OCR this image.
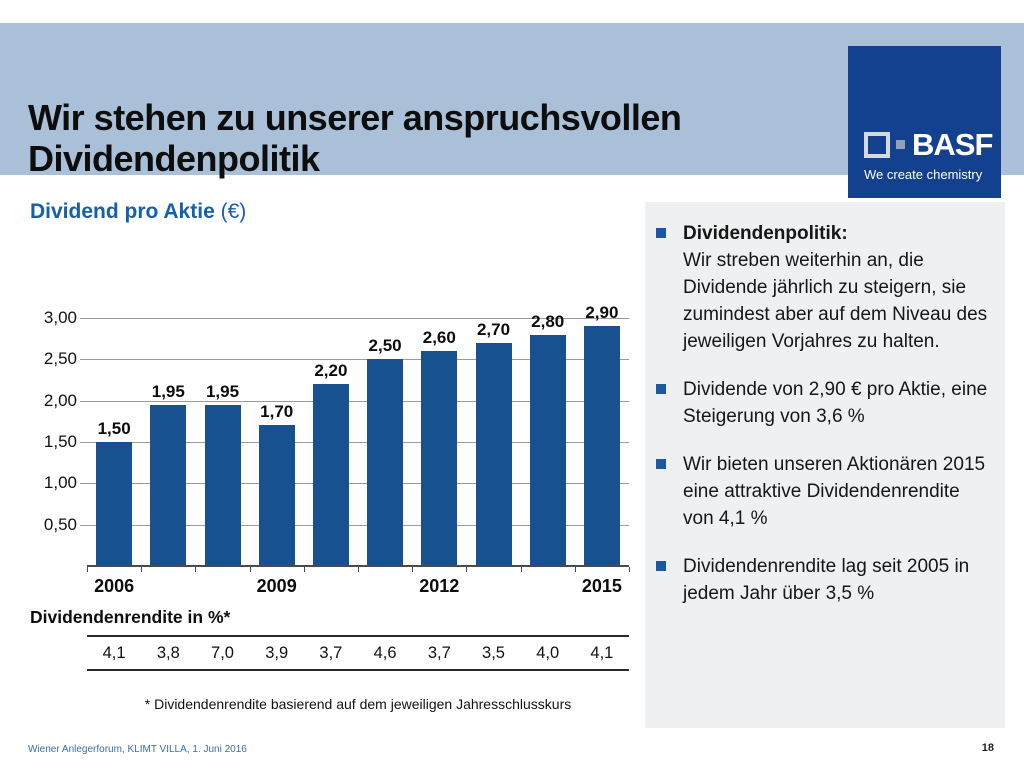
Wir stehen zu unserer anspruchsvollen
Dividendenpolitik	BASF
We create chemistry
Dividend pro Aktie (€)
0,50
1,00
1,50
2,00
2,50
3,00
1,50
1,95	1,95
1,70
2,20
2,50	2,60	2,70	2,80	2,90
2006	2009	2012	2015
Dividendenrendite in %*
4,1	3,8	7,0	3,9	3,7	4,6	3,7	3,5	4,0	4,1
* Dividendenrendite basierend auf dem jeweiligen Jahresschlusskurs
Dividendenpolitik:
Wir streben weiterhin an, die Dividende jährlich zu steigern, sie zumindest aber auf dem Niveau des jeweiligen Vorjahres zu halten.
Dividende von 2,90 € pro Aktie, eine Steigerung von 3,6 %
Wir bieten unseren Aktionären 2015 eine attraktive Dividendenrendite von 4,1 %
Dividendenrendite lag seit 2005 in jedem Jahr über 3,5 %
Wiener Anlegerforum, KLIMT VILLA, 1. Juni 2016	18
